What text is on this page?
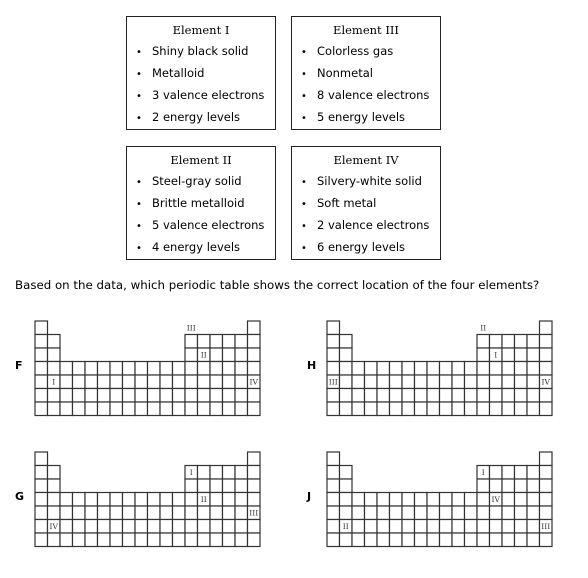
Element I
• Shiny black solid
• Metalloid
• 3 valence electrons
• 2 energy levels
Element III
• Colorless gas
• Nonmetal
• 8 valence electrons
• 5 energy levels
Element II
• Steel-gray solid
• Brittle metalloid
• 5 valence electrons
• 4 energy levels
Element IV
• Silvery-white solid
• Soft metal
• 2 valence electrons
• 6 energy levels
Based on the data, which periodic table shows the correct location of the four elements?
F	H
G	J
III
II
I	IV
II
I
III	IV
I
II
III
IV
I
IV
II	III
